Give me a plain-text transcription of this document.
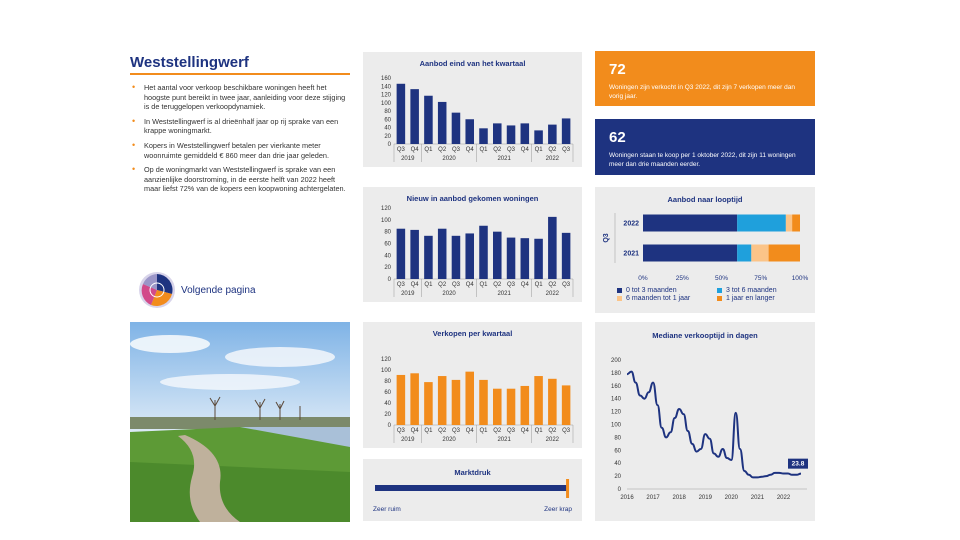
Weststellingwerf
• Het aantal voor verkoop beschikbare woningen heeft het hoogste punt bereikt in twee jaar, aanleiding voor deze stijging is de teruggelopen verkoopdynamiek.
• In Weststellingwerf is al drieënhalf jaar op rij sprake van een krappe woningmarkt.
• Kopers in Weststellingwerf betalen per vierkante meter woonruimte gemiddeld € 860 meer dan drie jaar geleden.
• Op de woningmarkt van Weststellingwerf is sprake van een aanzienlijke doorstroming, in de eerste helft van 2022 heeft maar liefst 72% van de kopers een koopwoning achtergelaten.
Volgende pagina
Aanbod eind van het kwartaal
0
20
40
60
80
100
120
140
160
Q3 Q4 Q1 Q2 Q3 Q4 Q1 Q2 Q3 Q4 Q1 Q2 Q3
2019	2020	2021	2022
Nieuw in aanbod gekomen woningen
0
20
40
60
80
100
120
Q3 Q4 Q1 Q2 Q3 Q4 Q1 Q2 Q3 Q4 Q1 Q2 Q3
2019	2020	2021	2022
Verkopen per kwartaal
0
20
40
60
80
100
120
Q3 Q4 Q1 Q2 Q3 Q4 Q1 Q2 Q3 Q4 Q1 Q2 Q3
2019	2020	2021	2022
Marktdruk
Zeer ruim	Zeer krap
72
Woningen zijn verkocht in Q3 2022, dit zijn 7 verkopen meer dan vorig jaar.
62
Woningen staan te koop per 1 oktober 2022, dit zijn 11 woningen meer dan drie maanden eerder.
Aanbod naar looptijd
2022
2021
Q3
0%	25%	50%	75%	100%
0 tot 3 maanden	3 tot 6 maanden
6 maanden tot 1 jaar	1 jaar en langer
Mediane verkooptijd in dagen
0
20
40
60
80
100
120
140
160
180
200
2016 2017 2018 2019 2020 2021 2022
23.8
